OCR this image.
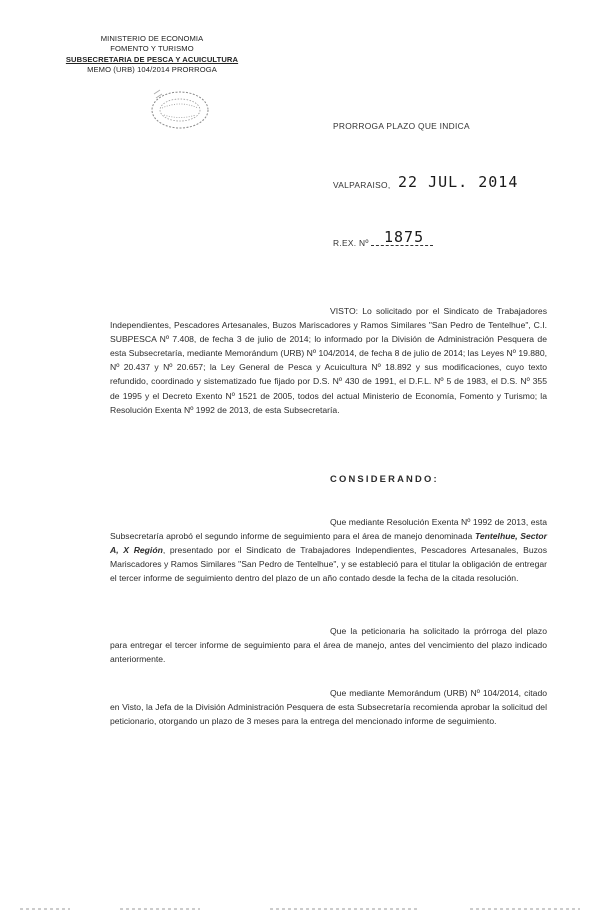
MINISTERIO DE ECONOMIA
FOMENTO Y TURISMO
SUBSECRETARIA DE PESCA Y ACUICULTURA
MEMO (URB) 104/2014 PRORROGA
PRORROGA PLAZO QUE INDICA
VALPARAISO, 22 JUL. 2014
R.EX. Nº	1875
VISTO: Lo solicitado por el Sindicato de Trabajadores Independientes, Pescadores Artesanales, Buzos Mariscadores y Ramos Similares "San Pedro de Tentelhue", C.I. SUBPESCA Nº 7.408, de fecha 3 de julio de 2014; lo informado por la División de Administración Pesquera de esta Subsecretaría, mediante Memorándum (URB) Nº 104/2014, de fecha 8 de julio de 2014; las Leyes Nº 19.880, Nº 20.437 y Nº 20.657; la Ley General de Pesca y Acuicultura Nº 18.892 y sus modificaciones, cuyo texto refundido, coordinado y sistematizado fue fijado por D.S. Nº 430 de 1991, el D.F.L. Nº 5 de 1983, el D.S. Nº 355 de 1995 y el Decreto Exento Nº 1521 de 2005, todos del actual Ministerio de Economía, Fomento y Turismo; la Resolución Exenta Nº 1992 de 2013, de esta Subsecretaría.
CONSIDERANDO:
Que mediante Resolución Exenta Nº 1992 de 2013, esta Subsecretaría aprobó el segundo informe de seguimiento para el área de manejo denominada Tentelhue, Sector A, X Región, presentado por el Sindicato de Trabajadores Independientes, Pescadores Artesanales, Buzos Mariscadores y Ramos Similares "San Pedro de Tentelhue", y se estableció para el titular la obligación de entregar el tercer informe de seguimiento dentro del plazo de un año contado desde la fecha de la citada resolución.
Que la peticionaria ha solicitado la prórroga del plazo para entregar el tercer informe de seguimiento para el área de manejo, antes del vencimiento del plazo indicado anteriormente.
Que mediante Memorándum (URB) Nº 104/2014, citado en Visto, la Jefa de la División Administración Pesquera de esta Subsecretaría recomienda aprobar la solicitud del peticionario, otorgando un plazo de 3 meses para la entrega del mencionado informe de seguimiento.
